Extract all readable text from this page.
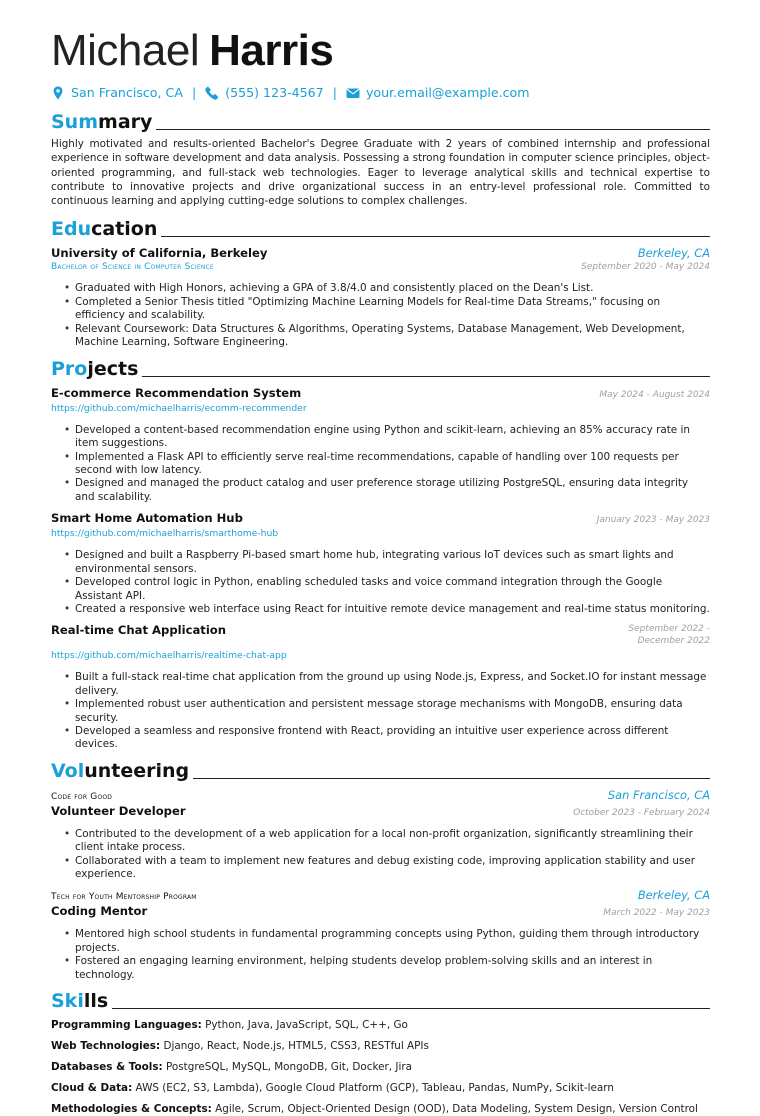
Michael Harris
San Francisco, CA | (555) 123-4567 | your.email@example.com
Summary
Highly motivated and results-oriented Bachelor's Degree Graduate with 2 years of combined internship and professional experience in software development and data analysis. Possessing a strong foundation in computer science principles, object-oriented programming, and full-stack web technologies. Eager to leverage analytical skills and technical expertise to contribute to innovative projects and drive organizational success in an entry-level professional role. Committed to continuous learning and applying cutting-edge solutions to complex challenges.
Education
University of California, Berkeley	Berkeley, CA
Bachelor of Science in Computer Science	September 2020 - May 2024
• Graduated with High Honors, achieving a GPA of 3.8/4.0 and consistently placed on the Dean's List.
• Completed a Senior Thesis titled "Optimizing Machine Learning Models for Real-time Data Streams," focusing on efficiency and scalability.
• Relevant Coursework: Data Structures & Algorithms, Operating Systems, Database Management, Web Development, Machine Learning, Software Engineering.
Projects
E-commerce Recommendation System	May 2024 - August 2024
https://github.com/michaelharris/ecomm-recommender
• Developed a content-based recommendation engine using Python and scikit-learn, achieving an 85% accuracy rate in item suggestions.
• Implemented a Flask API to efficiently serve real-time recommendations, capable of handling over 100 requests per second with low latency.
• Designed and managed the product catalog and user preference storage utilizing PostgreSQL, ensuring data integrity and scalability.
Smart Home Automation Hub	January 2023 - May 2023
https://github.com/michaelharris/smarthome-hub
• Designed and built a Raspberry Pi-based smart home hub, integrating various IoT devices such as smart lights and environmental sensors.
• Developed control logic in Python, enabling scheduled tasks and voice command integration through the Google Assistant API.
• Created a responsive web interface using React for intuitive remote device management and real-time status monitoring.
Real-time Chat Application	September 2022 - December 2022
https://github.com/michaelharris/realtime-chat-app
• Built a full-stack real-time chat application from the ground up using Node.js, Express, and Socket.IO for instant message delivery.
• Implemented robust user authentication and persistent message storage mechanisms with MongoDB, ensuring data security.
• Developed a seamless and responsive frontend with React, providing an intuitive user experience across different devices.
Volunteering
Code for Good	San Francisco, CA
Volunteer Developer	October 2023 - February 2024
• Contributed to the development of a web application for a local non-profit organization, significantly streamlining their client intake process.
• Collaborated with a team to implement new features and debug existing code, improving application stability and user experience.
Tech for Youth Mentorship Program	Berkeley, CA
Coding Mentor	March 2022 - May 2023
• Mentored high school students in fundamental programming concepts using Python, guiding them through introductory projects.
• Fostered an engaging learning environment, helping students develop problem-solving skills and an interest in technology.
Skills

Programming Languages: Python, Java, JavaScript, SQL, C++, Go

Web Technologies: Django, React, Node.js, HTML5, CSS3, RESTful APIs

Databases & Tools: PostgreSQL, MySQL, MongoDB, Git, Docker, Jira

Cloud & Data: AWS (EC2, S3, Lambda), Google Cloud Platform (GCP), Tableau, Pandas, NumPy, Scikit-learn

Methodologies & Concepts: Agile, Scrum, Object-Oriented Design (OOD), Data Modeling, System Design, Version Control
